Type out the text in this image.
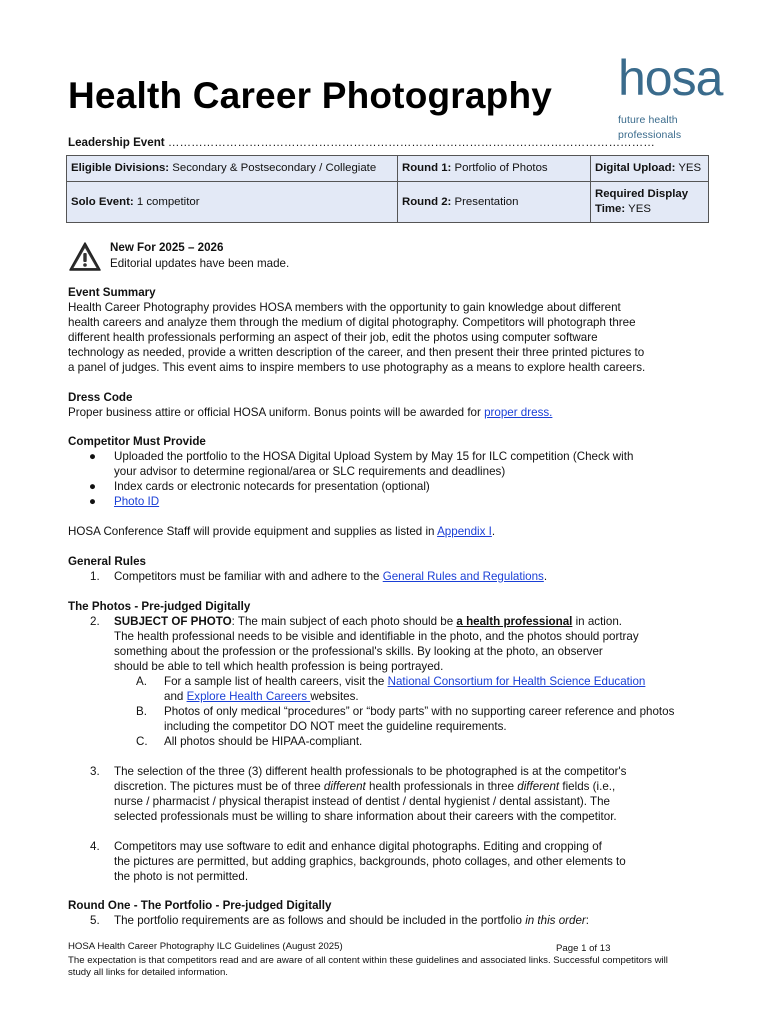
Health Career Photography hosa
future health professionals
Leadership Event ………………………………………………………………………………………………………………
Eligible Divisions: Secondary & Postsecondary / Collegiate	Round 1: Portfolio of Photos	Digital Upload: YES
Solo Event: 1 competitor	Round 2: Presentation	Required Display Time: YES
New For 2025 – 2026
Editorial updates have been made.
Event Summary
Health Career Photography provides HOSA members with the opportunity to gain knowledge about different
health careers and analyze them through the medium of digital photography. Competitors will photograph three
different health professionals performing an aspect of their job, edit the photos using computer software
technology as needed, provide a written description of the career, and then present their three printed pictures to
a panel of judges. This event aims to inspire members to use photography as a means to explore health careers.
Dress Code
Proper business attire or official HOSA uniform. Bonus points will be awarded for proper dress.
Competitor Must Provide
● Uploaded the portfolio to the HOSA Digital Upload System by May 15 for ILC competition (Check with
your advisor to determine regional/area or SLC requirements and deadlines)
● Index cards or electronic notecards for presentation (optional)
● Photo ID
HOSA Conference Staff will provide equipment and supplies as listed in Appendix I.
General Rules
1. Competitors must be familiar with and adhere to the General Rules and Regulations.
The Photos - Pre-judged Digitally
2. SUBJECT OF PHOTO: The main subject of each photo should be a health professional in action.
The health professional needs to be visible and identifiable in the photo, and the photos should portray
something about the profession or the professional's skills. By looking at the photo, an observer
should be able to tell which health profession is being portrayed.
A. For a sample list of health careers, visit the National Consortium for Health Science Education
and Explore Health Careers websites.
B. Photos of only medical “procedures” or “body parts” with no supporting career reference and photos
including the competitor DO NOT meet the guideline requirements.
C. All photos should be HIPAA-compliant.
3. The selection of the three (3) different health professionals to be photographed is at the competitor's
discretion. The pictures must be of three different health professionals in three different fields (i.e.,
nurse / pharmacist / physical therapist instead of dentist / dental hygienist / dental assistant). The
selected professionals must be willing to share information about their careers with the competitor.
4. Competitors may use software to edit and enhance digital photographs. Editing and cropping of
the pictures are permitted, but adding graphics, backgrounds, photo collages, and other elements to
the photo is not permitted.
Round One - The Portfolio - Pre-judged Digitally
5. The portfolio requirements are as follows and should be included in the portfolio in this order:
HOSA Health Career Photography ILC Guidelines (August 2025)	Page 1 of 13
The expectation is that competitors read and are aware of all content within these guidelines and associated links. Successful competitors will
study all links for detailed information.
